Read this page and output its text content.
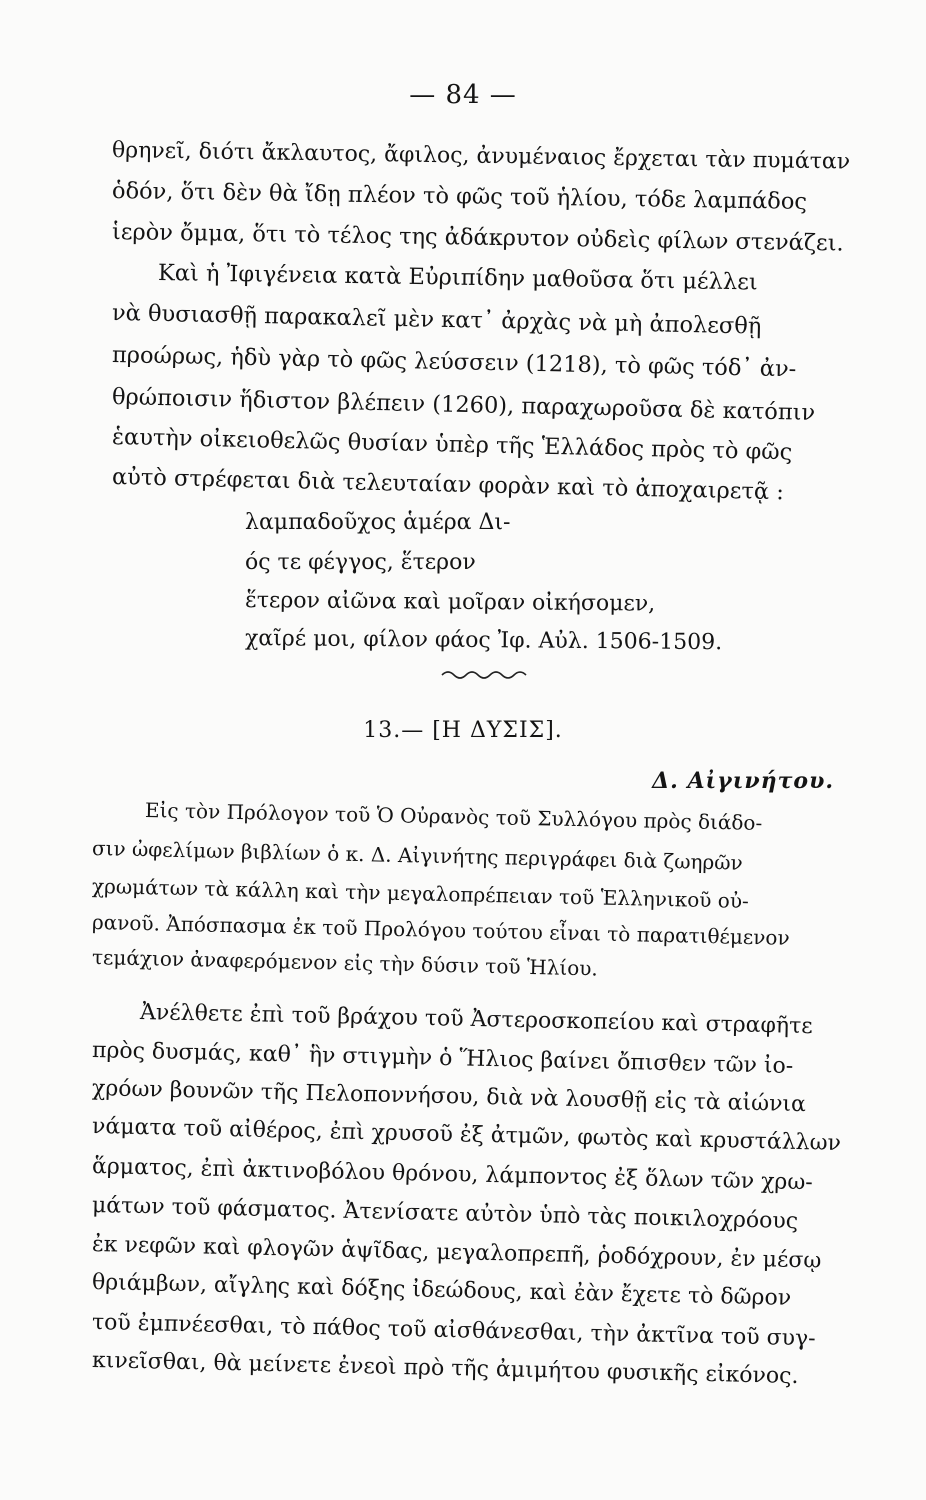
— 84 —
θρηνεῖ, διότι ἄκλαυτος, ἄφιλος, ἀνυμέναιος ἔρχεται τὰν πυμάταν
ὁδόν, ὅτι δὲν θὰ ἴδῃ πλέον τὸ φῶς τοῦ ἡλίου, τόδε λαμπάδος
ἱερὸν ὄμμα, ὅτι τὸ τέλος της ἀδάκρυτον οὐδεὶς φίλων στενάζει.
Καὶ ἡ Ἰφιγένεια κατὰ Εὐριπίδην μαθοῦσα ὅτι μέλλει
νὰ θυσιασθῇ παρακαλεῖ μὲν κατ᾽ ἀρχὰς νὰ μὴ ἀπολεσθῇ
προώρως, ἡδὺ γὰρ τὸ φῶς λεύσσειν (1218), τὸ φῶς τόδ᾽ ἀν-
θρώποισιν ἥδιστον βλέπειν (1260), παραχωροῦσα δὲ κατόπιν
ἑαυτὴν οἰκειοθελῶς θυσίαν ὑπὲρ τῆς Ἑλλάδος πρὸς τὸ φῶς
αὐτὸ στρέφεται διὰ τελευταίαν φορὰν καὶ τὸ ἀποχαιρετᾷ :
λαμπαδοῦχος ἁμέρα Δι-
ός τε φέγγος, ἕτερον
ἕτερον αἰῶνα καὶ μοῖραν οἰκήσομεν,
χαῖρέ μοι, φίλον φάος Ἰφ. Αὐλ. 1506-1509.
13.— [Η ΔΥΣΙΣ].
Δ. Αἰγινήτου.
Εἰς τὸν Πρόλογον τοῦ Ὁ Οὐρανὸς τοῦ Συλλόγου πρὸς διάδο-
σιν ὠφελίμων βιβλίων ὁ κ. Δ. Αἰγινήτης περιγράφει διὰ ζωηρῶν
χρωμάτων τὰ κάλλη καὶ τὴν μεγαλοπρέπειαν τοῦ Ἑλληνικοῦ οὐ-
ρανοῦ. Ἀπόσπασμα ἐκ τοῦ Προλόγου τούτου εἶναι τὸ παρατιθέμενον
τεμάχιον ἀναφερόμενον εἰς τὴν δύσιν τοῦ Ἡλίου.
Ἀνέλθετε ἐπὶ τοῦ βράχου τοῦ Ἀστεροσκοπείου καὶ στραφῆτε
πρὸς δυσμάς, καθ᾽ ἣν στιγμὴν ὁ Ἥλιος βαίνει ὄπισθεν τῶν ἰο-
χρόων βουνῶν τῆς Πελοποννήσου, διὰ νὰ λουσθῇ εἰς τὰ αἰώνια
νάματα τοῦ αἰθέρος, ἐπὶ χρυσοῦ ἐξ ἀτμῶν, φωτὸς καὶ κρυστάλλων
ἅρματος, ἐπὶ ἀκτινοβόλου θρόνου, λάμποντος ἐξ ὅλων τῶν χρω-
μάτων τοῦ φάσματος. Ἀτενίσατε αὐτὸν ὑπὸ τὰς ποικιλοχρόους
ἐκ νεφῶν καὶ φλογῶν ἁψῖδας, μεγαλοπρεπῆ, ῥοδόχρουν, ἐν μέσῳ
θριάμβων, αἴγλης καὶ δόξης ἰδεώδους, καὶ ἐὰν ἔχετε τὸ δῶρον
τοῦ ἐμπνέεσθαι, τὸ πάθος τοῦ αἰσθάνεσθαι, τὴν ἀκτῖνα τοῦ συγ-
κινεῖσθαι, θὰ μείνετε ἐνεοὶ πρὸ τῆς ἀμιμήτου φυσικῆς εἰκόνος.
